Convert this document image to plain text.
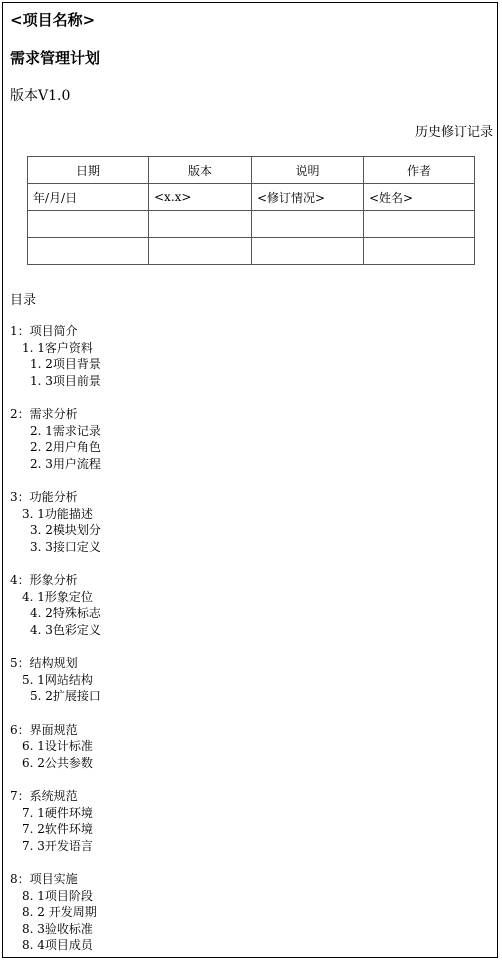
<项目名称>
需求管理计划
版本V1.0
历史修订记录
日期	版本	说明	作者
年/月/日	<x.x>	<修订情况>	<姓名>

目录
1：项目简介
1. 1客户资料
1. 2项目背景
1. 3项目前景
2：需求分析
2. 1需求记录
2. 2用户角色
2. 3用户流程
3：功能分析
3. 1功能描述
3. 2模块划分
3. 3接口定义
4：形象分析
4. 1形象定位
4. 2特殊标志
4. 3色彩定义
5：结构规划
5. 1网站结构
5. 2扩展接口
6：界面规范
6. 1设计标准
6. 2公共参数
7：系统规范
7. 1硬件环境
7. 2软件环境
7. 3开发语言
8：项目实施
8. 1项目阶段
8. 2 开发周期
8. 3验收标准
8. 4项目成员
